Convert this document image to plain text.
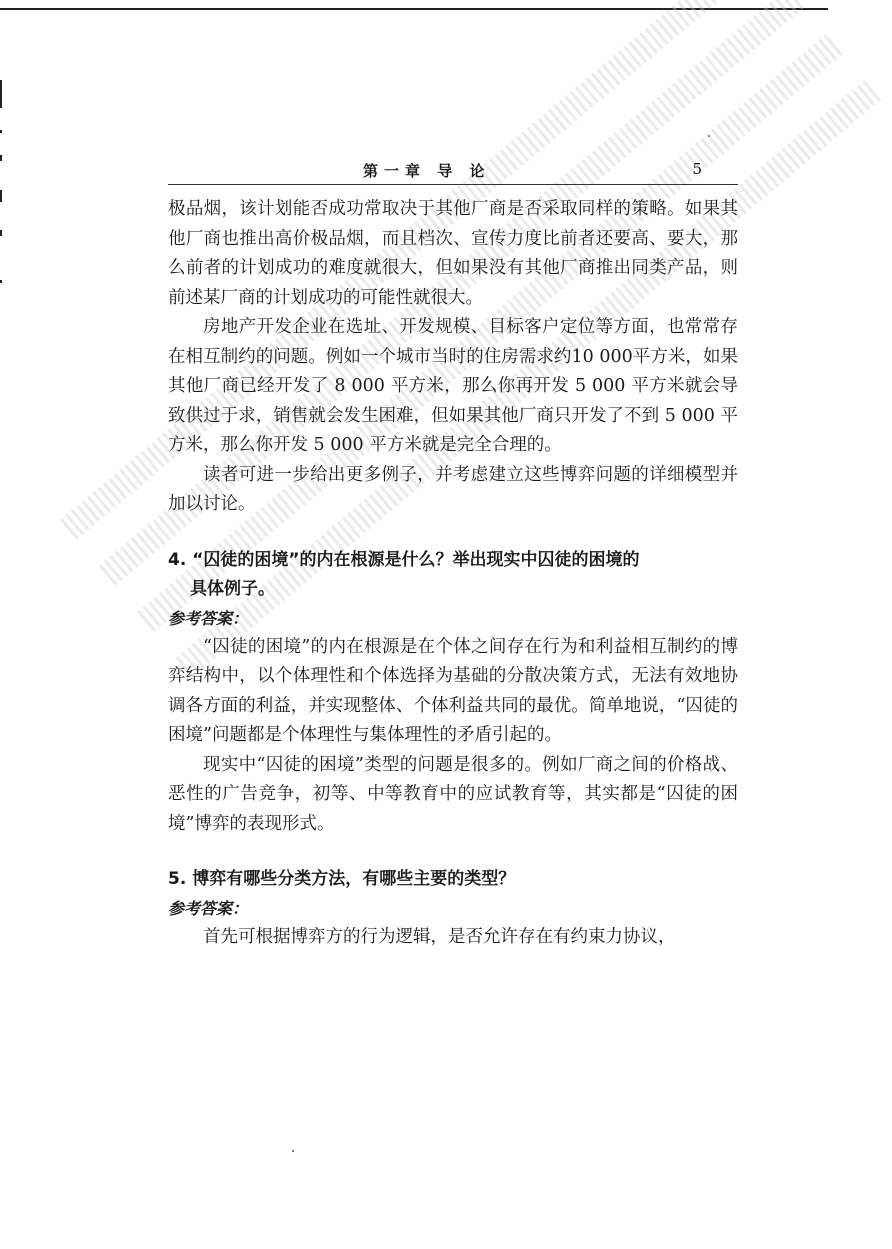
第一章 导 论	5

极品烟，该计划能否成功常取决于其他厂商是否采取同样的策略。如果其他厂商也推出高价极品烟，而且档次、宣传力度比前者还要高、要大，那么前者的计划成功的难度就很大，但如果没有其他厂商推出同类产品，则前述某厂商的计划成功的可能性就很大。

房地产开发企业在选址、开发规模、目标客户定位等方面，也常常存在相互制约的问题。例如一个城市当时的住房需求约10 000平方米，如果其他厂商已经开发了 8 000 平方米，那么你再开发 5 000 平方米就会导致供过于求，销售就会发生困难，但如果其他厂商只开发了不到 5 000 平方米，那么你开发 5 000 平方米就是完全合理的。

读者可进一步给出更多例子，并考虑建立这些博弈问题的详细模型并加以讨论。

4. “囚徒的困境”的内在根源是什么？举出现实中囚徒的困境的
具体例子。

参考答案：

“囚徒的困境”的内在根源是在个体之间存在行为和利益相互制约的博弈结构中，以个体理性和个体选择为基础的分散决策方式，无法有效地协调各方面的利益，并实现整体、个体利益共同的最优。简单地说，“囚徒的困境”问题都是个体理性与集体理性的矛盾引起的。

现实中“囚徒的困境”类型的问题是很多的。例如厂商之间的价格战、恶性的广告竞争，初等、中等教育中的应试教育等，其实都是“囚徒的困境”博弈的表现形式。

5. 博弈有哪些分类方法，有哪些主要的类型？

参考答案：

首先可根据博弈方的行为逻辑，是否允许存在有约束力协议，
